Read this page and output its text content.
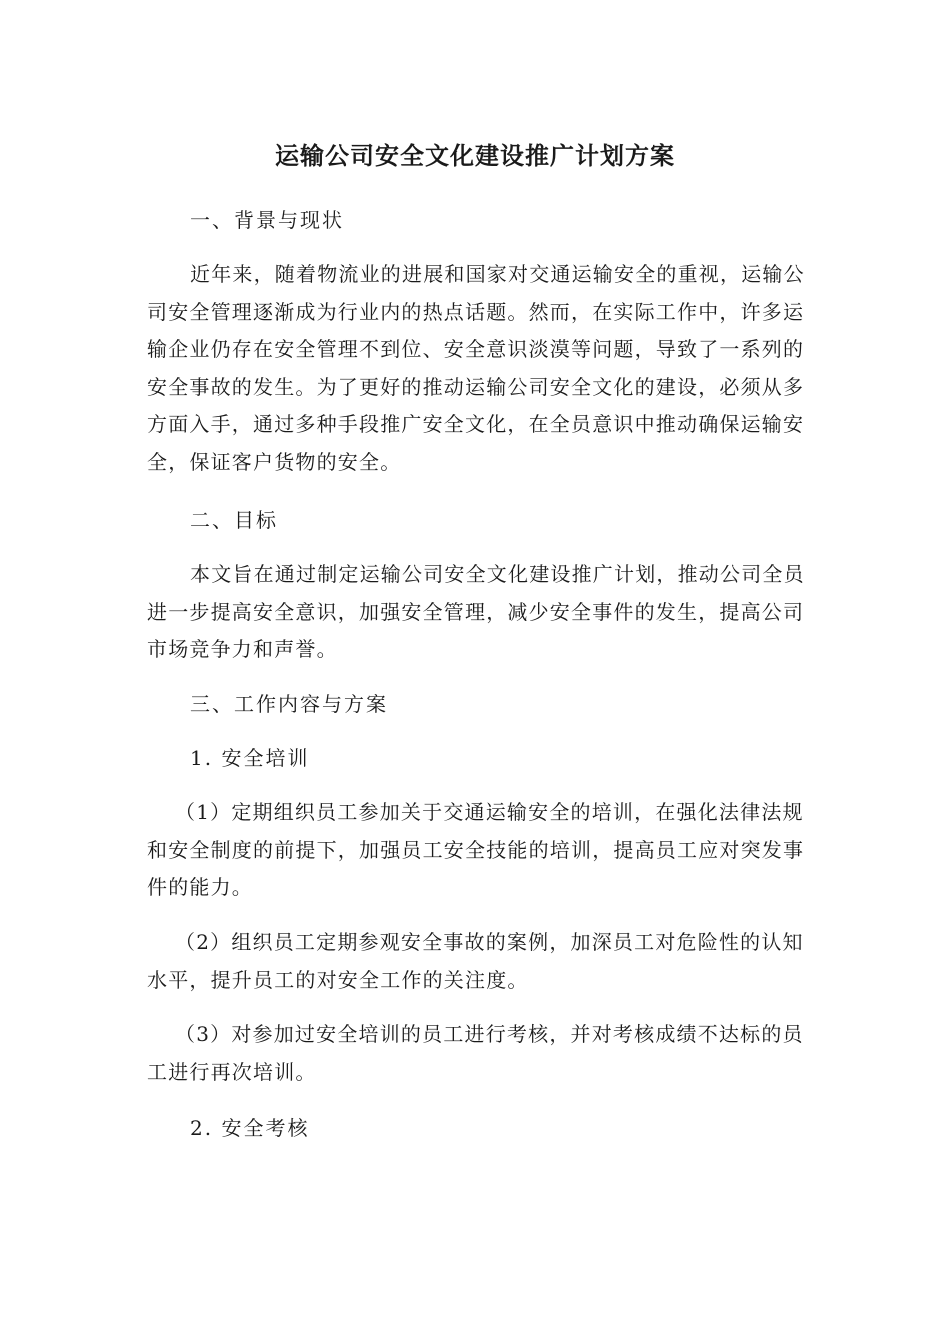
运输公司安全文化建设推广计划方案

一、背景与现状

近年来，随着物流业的进展和国家对交通运输安全的重视，运输公司安全管理逐渐成为行业内的热点话题。然而，在实际工作中，许多运输企业仍存在安全管理不到位、安全意识淡漠等问题，导致了一系列的安全事故的发生。为了更好的推动运输公司安全文化的建设，必须从多方面入手，通过多种手段推广安全文化，在全员意识中推动确保运输安全，保证客户货物的安全。

二、目标

本文旨在通过制定运输公司安全文化建设推广计划，推动公司全员进一步提高安全意识，加强安全管理，减少安全事件的发生，提高公司市场竞争力和声誉。

三、工作内容与方案

1. 安全培训

（1）定期组织员工参加关于交通运输安全的培训，在强化法律法规和安全制度的前提下，加强员工安全技能的培训，提高员工应对突发事件的能力。

（2）组织员工定期参观安全事故的案例，加深员工对危险性的认知水平，提升员工的对安全工作的关注度。

（3）对参加过安全培训的员工进行考核，并对考核成绩不达标的员工进行再次培训。

2. 安全考核
